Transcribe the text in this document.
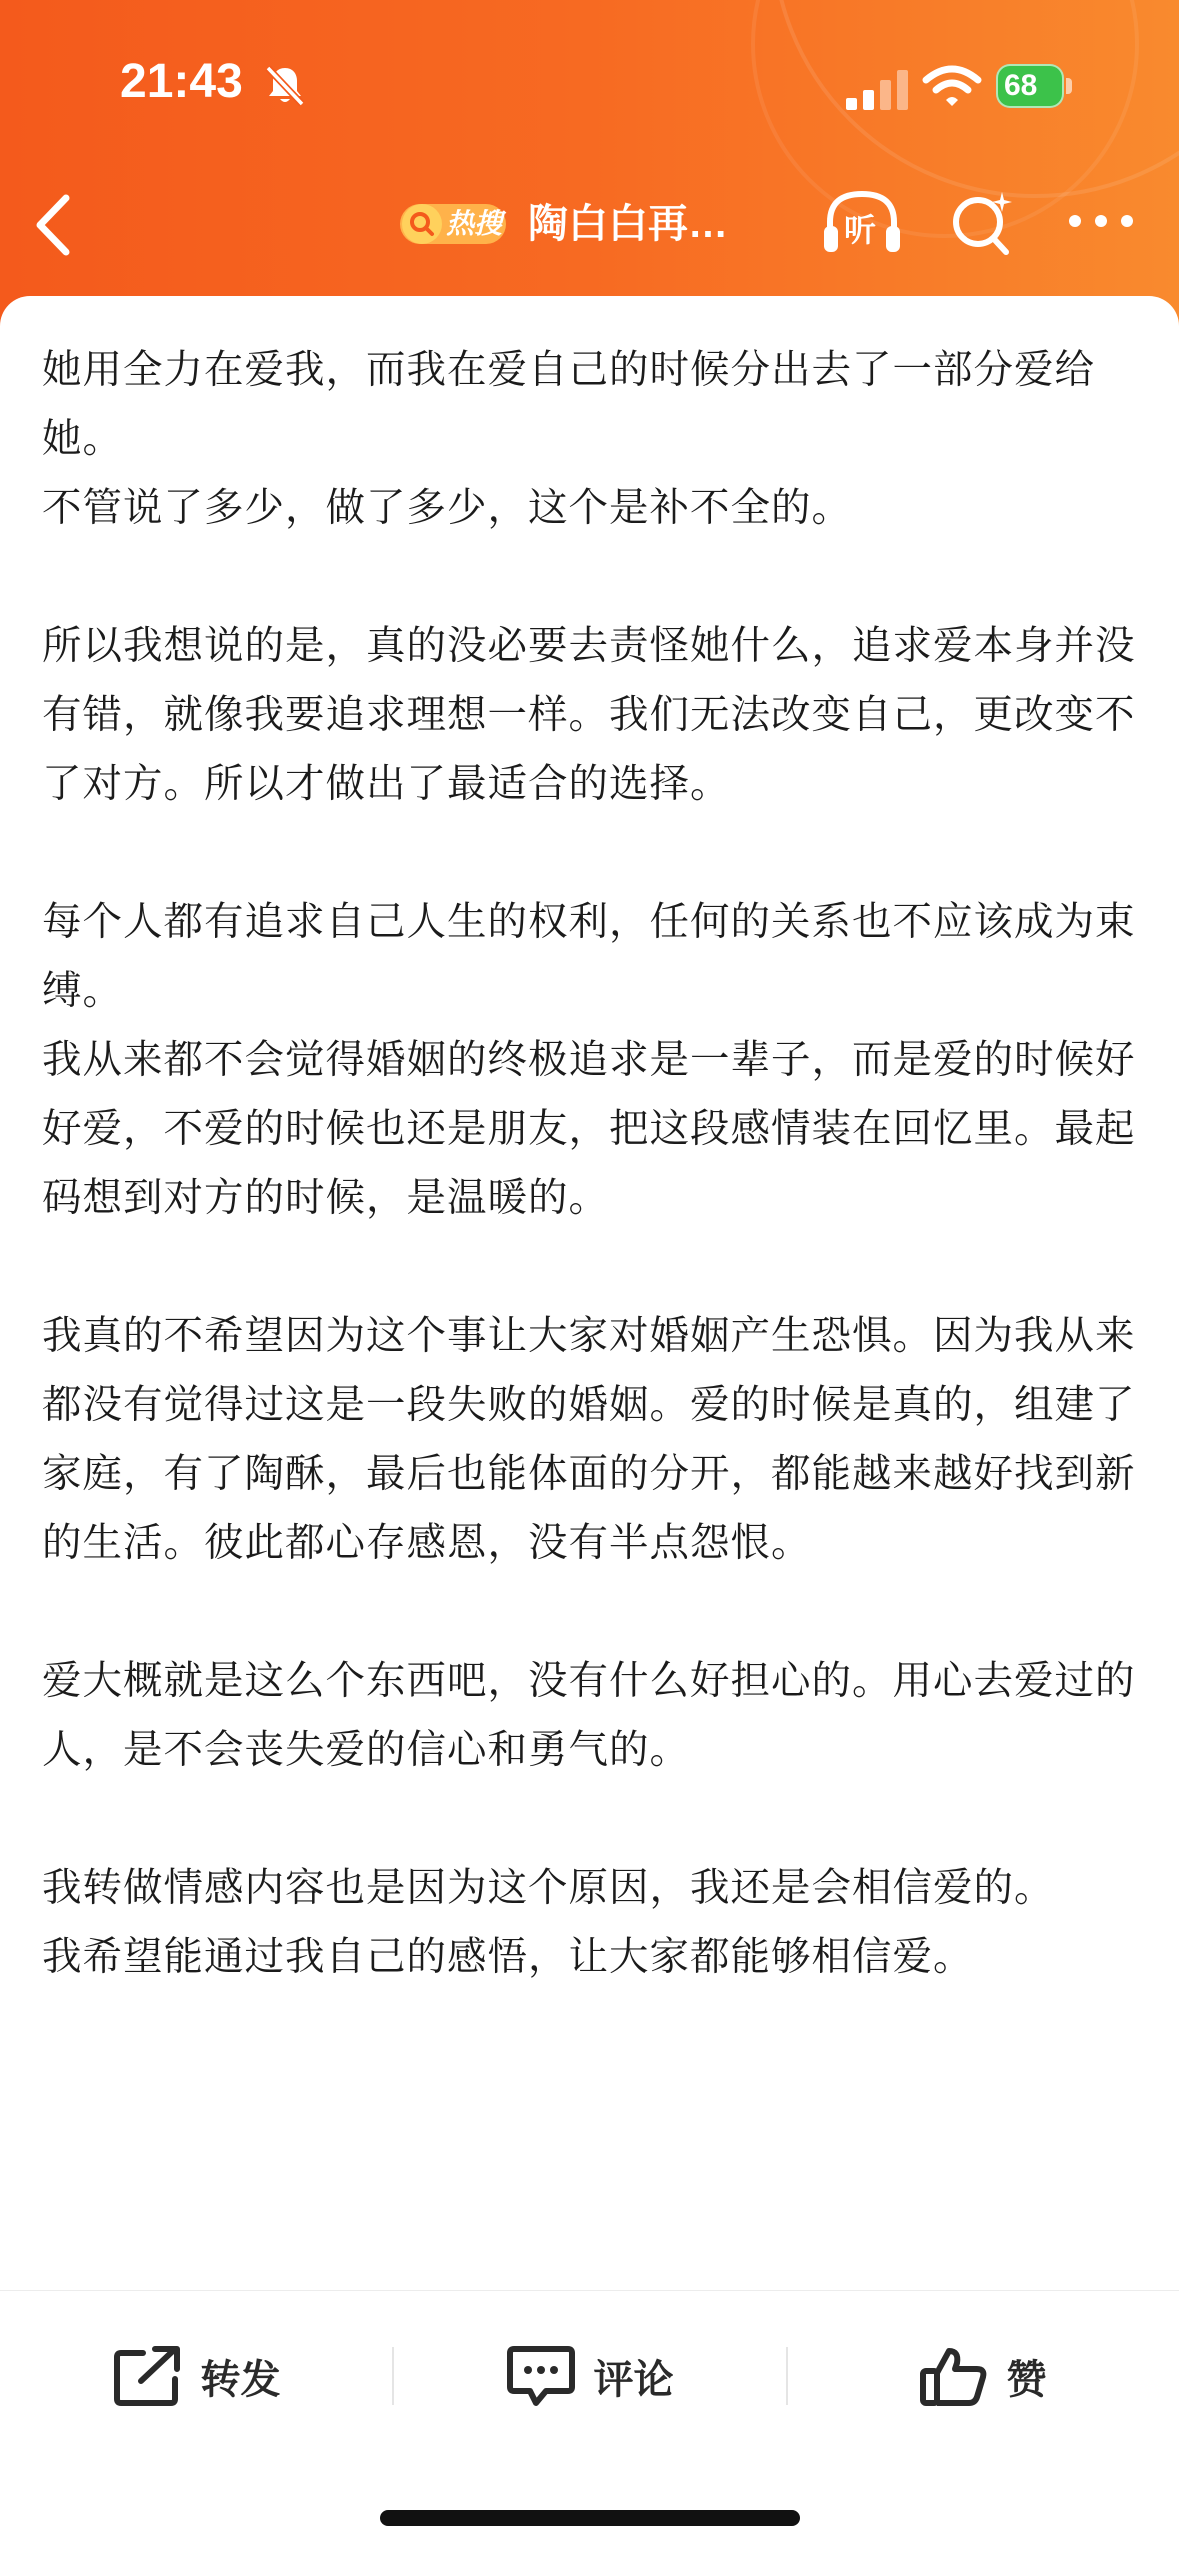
21:43	68
热搜 陶白白再…	听

她用全力在爱我，而我在爱自己的时候分出去了一部分爱给她。
不管说了多少，做了多少，这个是补不全的。

所以我想说的是，真的没必要去责怪她什么，追求爱本身并没有错，就像我要追求理想一样。我们无法改变自己，更改变不了对方。所以才做出了最适合的选择。

每个人都有追求自己人生的权利，任何的关系也不应该成为束缚。
我从来都不会觉得婚姻的终极追求是一辈子，而是爱的时候好好爱，不爱的时候也还是朋友，把这段感情装在回忆里。最起码想到对方的时候，是温暖的。

我真的不希望因为这个事让大家对婚姻产生恐惧。因为我从来都没有觉得过这是一段失败的婚姻。爱的时候是真的，组建了家庭，有了陶酥，最后也能体面的分开，都能越来越好找到新的生活。彼此都心存感恩，没有半点怨恨。

爱大概就是这么个东西吧，没有什么好担心的。用心去爱过的人，是不会丧失爱的信心和勇气的。

我转做情感内容也是因为这个原因，我还是会相信爱的。
我希望能通过我自己的感悟，让大家都能够相信爱。

转发	评论	赞
